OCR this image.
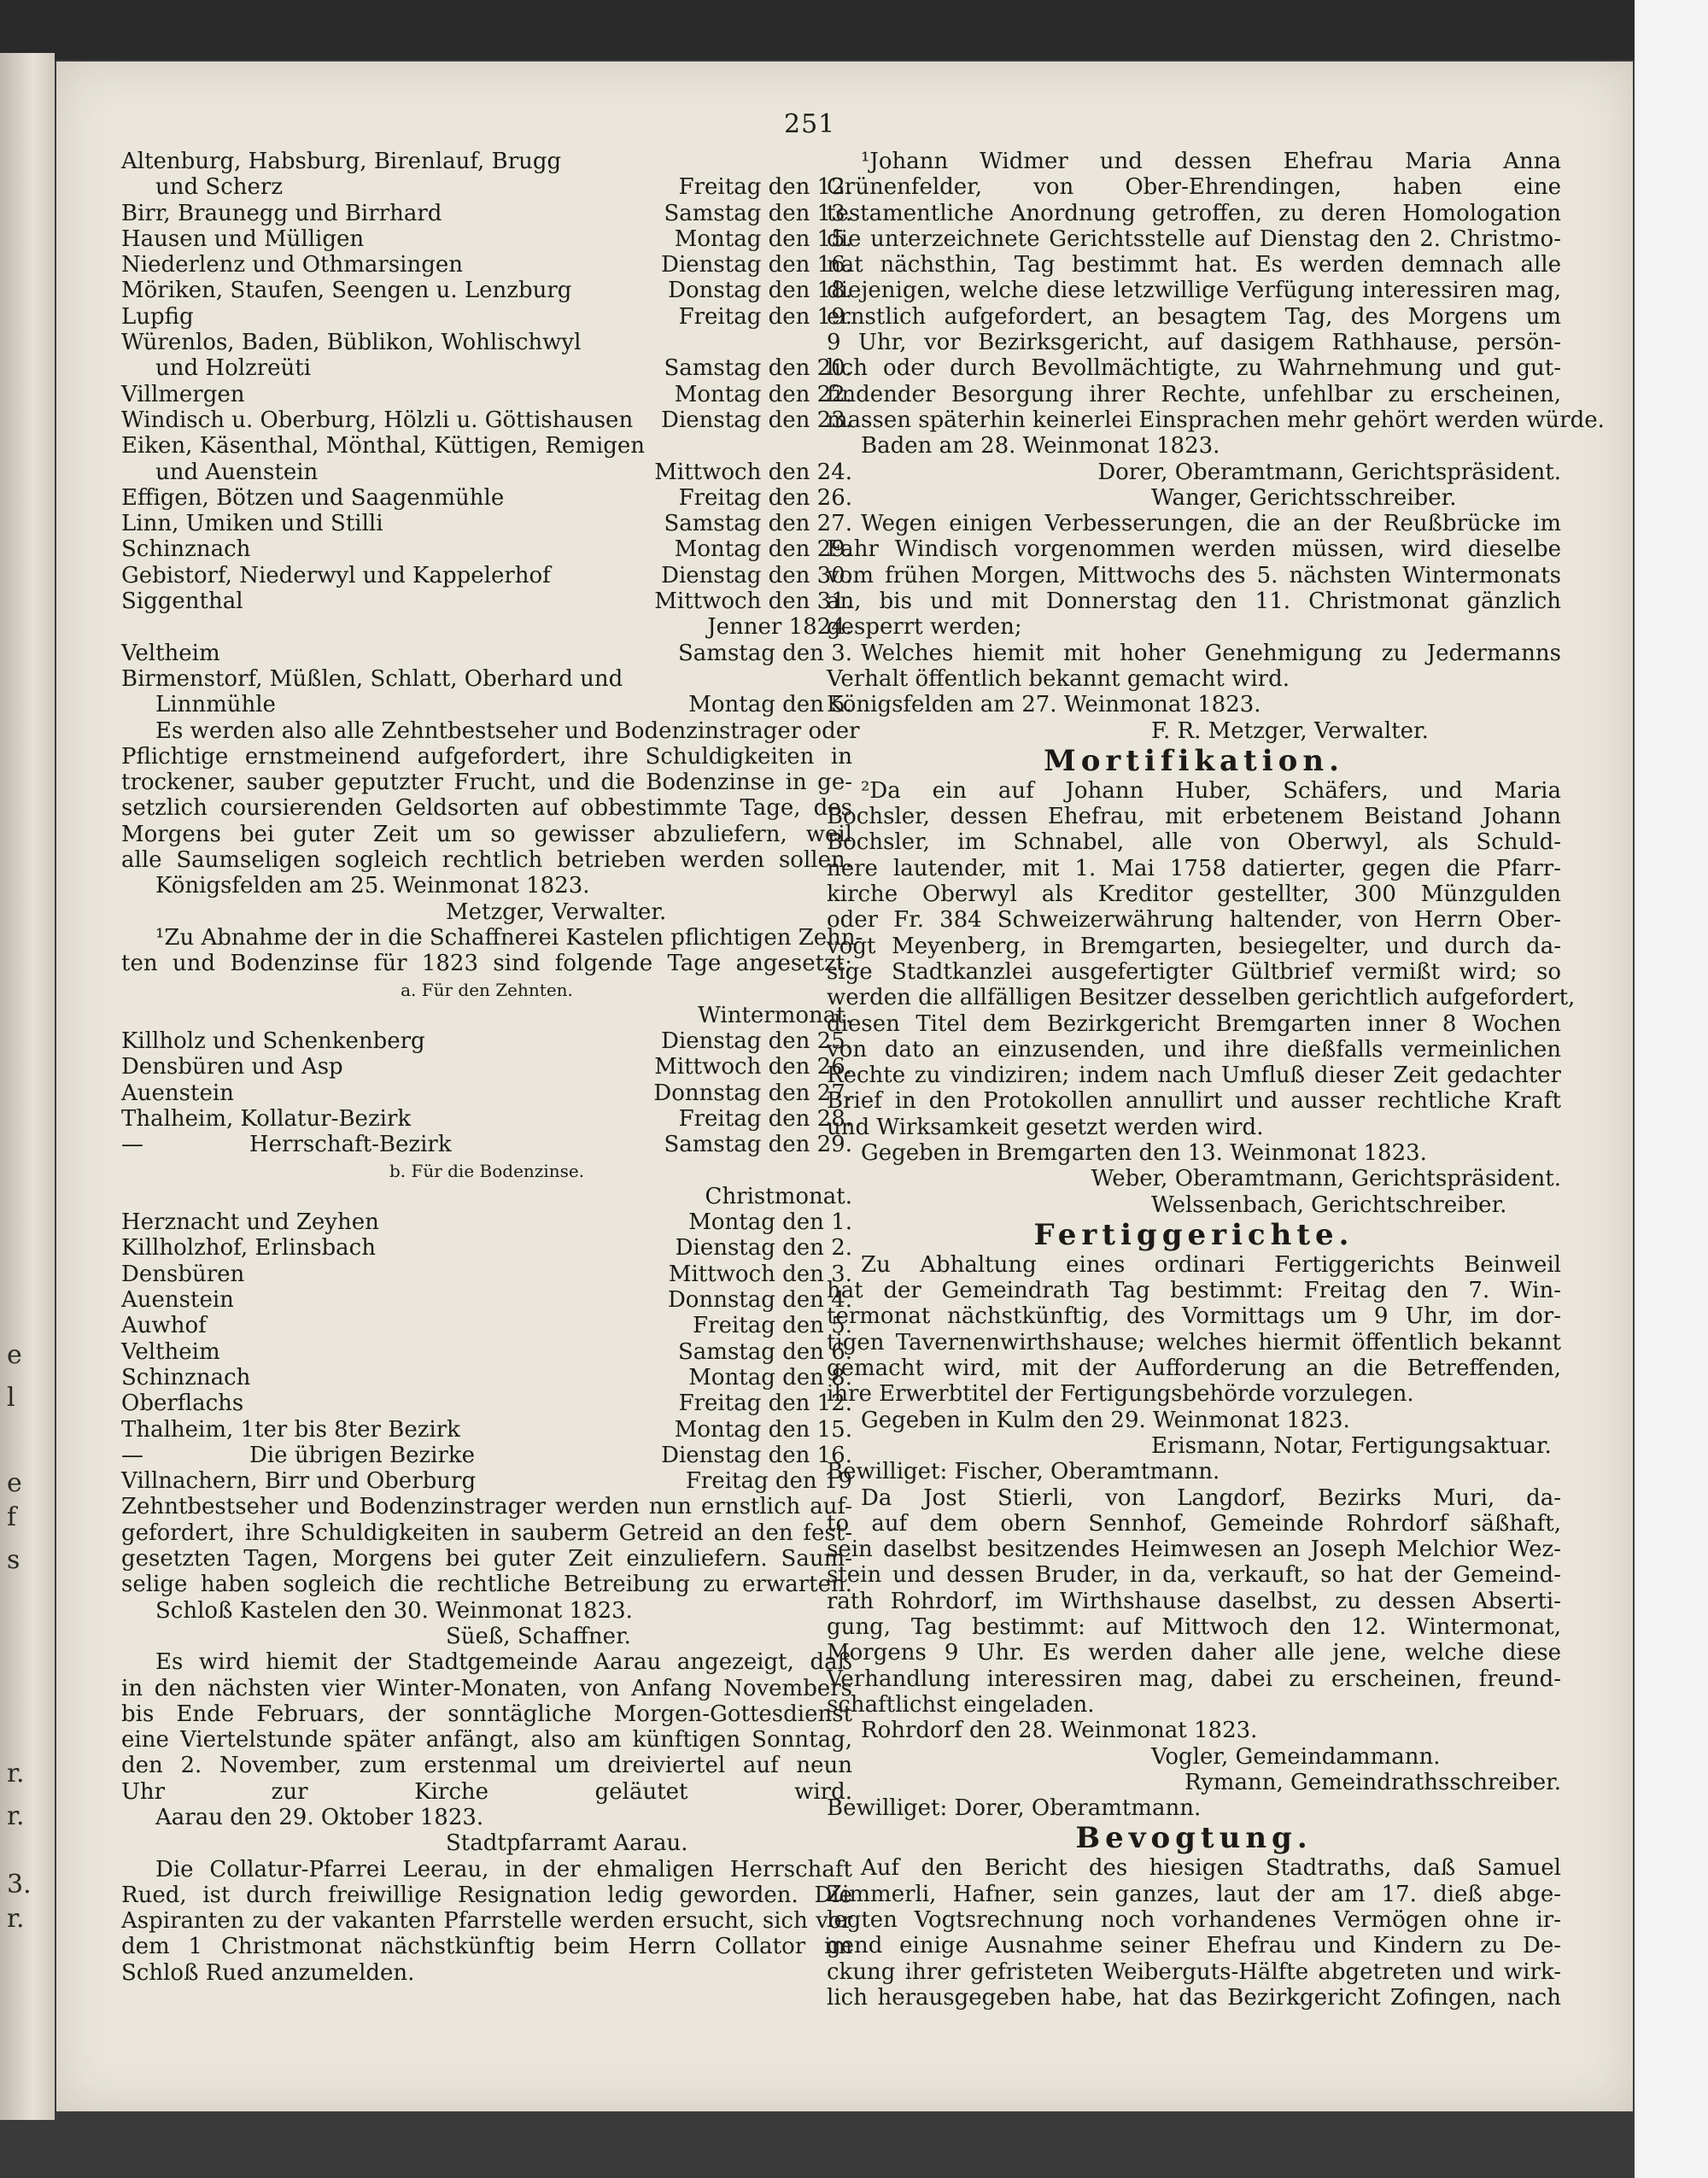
e
l
e
f
s
r.
r.
3.
r.
251
Altenburg, Habsburg, Birenlauf, Brugg
und Scherz	Freitag den 12.
Birr, Braunegg und Birrhard	Samstag den 13.
Hausen und Mülligen	Montag den 15.
Niederlenz und Othmarsingen	Dienstag den 16.
Möriken, Staufen, Seengen u. Lenzburg	Donstag den 18.
Lupfig	Freitag den 19.
Würenlos, Baden, Büblikon, Wohlischwyl
und Holzreüti	Samstag den 20.
Villmergen	Montag den 22.
Windisch u. Oberburg, Hölzli u. Göttishausen Dienstag den 23.
Eiken, Käsenthal, Mönthal, Küttigen, Remigen
und Auenstein	Mittwoch den 24.
Effigen, Bötzen und Saagenmühle	Freitag den 26.
Linn, Umiken und Stilli	Samstag den 27.
Schinznach	Montag den 29.
Gebistorf, Niederwyl und Kappelerhof	Dienstag den 30.
Siggenthal	Mittwoch den 31.
Jenner 1824.
Veltheim	Samstag den 3.
Birmenstorf, Müßlen, Schlatt, Oberhard und
Linnmühle	Montag den 5.
Es werden also alle Zehntbestseher und Bodenzinstrager oder
Pflichtige ernstmeinend aufgefordert, ihre Schuldigkeiten in
trockener, sauber geputzter Frucht, und die Bodenzinse in ge-
setzlich coursierenden Geldsorten auf obbestimmte Tage, des
Morgens bei guter Zeit um so gewisser abzuliefern, weil
alle Saumseligen sogleich rechtlich betrieben werden sollen.
Königsfelden am 25. Weinmonat 1823.
Metzger, Verwalter.
¹Zu Abnahme der in die Schaffnerei Kastelen pflichtigen Zehn-
ten und Bodenzinse für 1823 sind folgende Tage angesetzt:
a. Für den Zehnten.
Wintermonat.
Killholz und Schenkenberg	Dienstag den 25.
Densbüren und Asp	Mittwoch den 26.
Auenstein	Donnstag den 27.
Thalheim, Kollatur-Bezirk	Freitag den 28.
—	Herrschaft-Bezirk	Samstag den 29.
b. Für die Bodenzinse.
Christmonat.
Herznacht und Zeyhen	Montag den 1.
Killholzhof, Erlinsbach	Dienstag den 2.
Densbüren	Mittwoch den 3.
Auenstein	Donnstag den 4.
Auwhof	Freitag den 5.
Veltheim	Samstag den 6.
Schinznach	Montag den 8.
Oberflachs	Freitag den 12.
Thalheim, 1ter bis 8ter Bezirk	Montag den 15.
—	Die übrigen Bezirke	Dienstag den 16.
Villnachern, Birr und Oberburg	Freitag den 19
Zehntbestseher und Bodenzinstrager werden nun ernstlich auf-
gefordert, ihre Schuldigkeiten in sauberm Getreid an den fest-
gesetzten Tagen, Morgens bei guter Zeit einzuliefern. Saum-
selige haben sogleich die rechtliche Betreibung zu erwarten.
Schloß Kastelen den 30. Weinmonat 1823.
Süeß, Schaffner.
Es wird hiemit der Stadtgemeinde Aarau angezeigt, daß
in den nächsten vier Winter-Monaten, von Anfang Novembers
bis Ende Februars, der sonntägliche Morgen-Gottesdienst
eine Viertelstunde später anfängt, also am künftigen Sonntag,
den 2. November, zum erstenmal um dreiviertel auf neun
Uhr zur Kirche geläutet wird.
Aarau den 29. Oktober 1823.
Stadtpfarramt Aarau.
Die Collatur-Pfarrei Leerau, in der ehmaligen Herrschaft
Rued, ist durch freiwillige Resignation ledig geworden. Die
Aspiranten zu der vakanten Pfarrstelle werden ersucht, sich vor
dem 1 Christmonat nächstkünftig beim Herrn Collator im
Schloß Rued anzumelden.
¹Johann Widmer und dessen Ehefrau Maria Anna
Grünenfelder, von Ober-Ehrendingen, haben eine
testamentliche Anordnung getroffen, zu deren Homologation
die unterzeichnete Gerichtsstelle auf Dienstag den 2. Christmo-
nat nächsthin, Tag bestimmt hat. Es werden demnach alle
diejenigen, welche diese letzwillige Verfügung interessiren mag,
ernstlich aufgefordert, an besagtem Tag, des Morgens um
9 Uhr, vor Bezirksgericht, auf dasigem Rathhause, persön-
lich oder durch Bevollmächtigte, zu Wahrnehmung und gut-
findender Besorgung ihrer Rechte, unfehlbar zu erscheinen,
massen späterhin keinerlei Einsprachen mehr gehört werden würde.
Baden am 28. Weinmonat 1823.
Dorer, Oberamtmann, Gerichtspräsident.
Wanger, Gerichtsschreiber.
Wegen einigen Verbesserungen, die an der Reußbrücke im
Fahr Windisch vorgenommen werden müssen, wird dieselbe
vom frühen Morgen, Mittwochs des 5. nächsten Wintermonats
an, bis und mit Donnerstag den 11. Christmonat gänzlich
gesperrt werden;
Welches hiemit mit hoher Genehmigung zu Jedermanns
Verhalt öffentlich bekannt gemacht wird.
Königsfelden am 27. Weinmonat 1823.
F. R. Metzger, Verwalter.
Mortifikation.
²Da ein auf Johann Huber, Schäfers, und Maria
Bochsler, dessen Ehefrau, mit erbetenem Beistand Johann
Bochsler, im Schnabel, alle von Oberwyl, als Schuld-
nere lautender, mit 1. Mai 1758 datierter, gegen die Pfarr-
kirche Oberwyl als Kreditor gestellter, 300 Münzgulden
oder Fr. 384 Schweizerwährung haltender, von Herrn Ober-
vogt Meyenberg, in Bremgarten, besiegelter, und durch da-
sige Stadtkanzlei ausgefertigter Gültbrief vermißt wird; so
werden die allfälligen Besitzer desselben gerichtlich aufgefordert,
diesen Titel dem Bezirkgericht Bremgarten inner 8 Wochen
von dato an einzusenden, und ihre dießfalls vermeinlichen
Rechte zu vindiziren; indem nach Umfluß dieser Zeit gedachter
Brief in den Protokollen annullirt und ausser rechtliche Kraft
und Wirksamkeit gesetzt werden wird.
Gegeben in Bremgarten den 13. Weinmonat 1823.
Weber, Oberamtmann, Gerichtspräsident.
Welssenbach, Gerichtschreiber.
Fertiggerichte.
Zu Abhaltung eines ordinari Fertiggerichts Beinweil
hat der Gemeindrath Tag bestimmt: Freitag den 7. Win-
termonat nächstkünftig, des Vormittags um 9 Uhr, im dor-
tigen Tavernenwirthshause; welches hiermit öffentlich bekannt
gemacht wird, mit der Aufforderung an die Betreffenden,
ihre Erwerbtitel der Fertigungsbehörde vorzulegen.
Gegeben in Kulm den 29. Weinmonat 1823.
Erismann, Notar, Fertigungsaktuar.
Bewilliget: Fischer, Oberamtmann.
Da Jost Stierli, von Langdorf, Bezirks Muri, da-
to auf dem obern Sennhof, Gemeinde Rohrdorf säßhaft,
sein daselbst besitzendes Heimwesen an Joseph Melchior Wez-
stein und dessen Bruder, in da, verkauft, so hat der Gemeind-
rath Rohrdorf, im Wirthshause daselbst, zu dessen Abserti-
gung, Tag bestimmt: auf Mittwoch den 12. Wintermonat,
Morgens 9 Uhr. Es werden daher alle jene, welche diese
Verhandlung interessiren mag, dabei zu erscheinen, freund-
schaftlichst eingeladen.
Rohrdorf den 28. Weinmonat 1823.
Vogler, Gemeindammann.
Rymann, Gemeindrathsschreiber.
Bewilliget: Dorer, Oberamtmann.
Bevogtung.
Auf den Bericht des hiesigen Stadtraths, daß Samuel
Zimmerli, Hafner, sein ganzes, laut der am 17. dieß abge-
legten Vogtsrechnung noch vorhandenes Vermögen ohne ir-
gend einige Ausnahme seiner Ehefrau und Kindern zu De-
ckung ihrer gefristeten Weiberguts-Hälfte abgetreten und wirk-
lich herausgegeben habe, hat das Bezirkgericht Zofingen, nach
